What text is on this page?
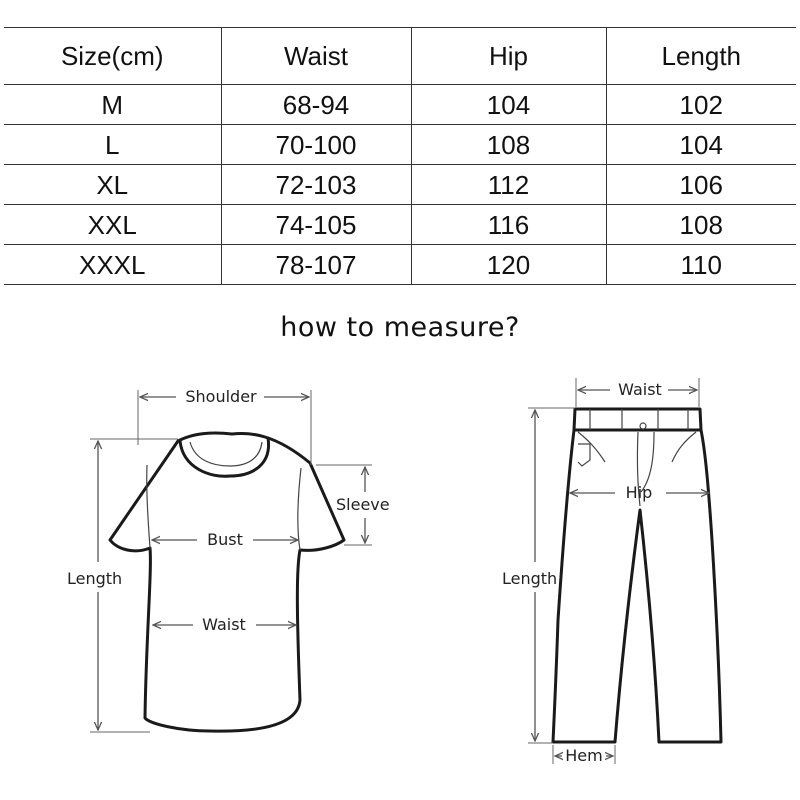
Size(cm)	Waist	Hip	Length
M	68-94	104	102
L	70-100	108	104
XL	72-103	112	106
XXL	74-105	116	108
XXXL	78-107	120	110
how to measure?
Shoulder
Sleeve
Bust
Waist
Length
Waist
Hip
Length
Hem
